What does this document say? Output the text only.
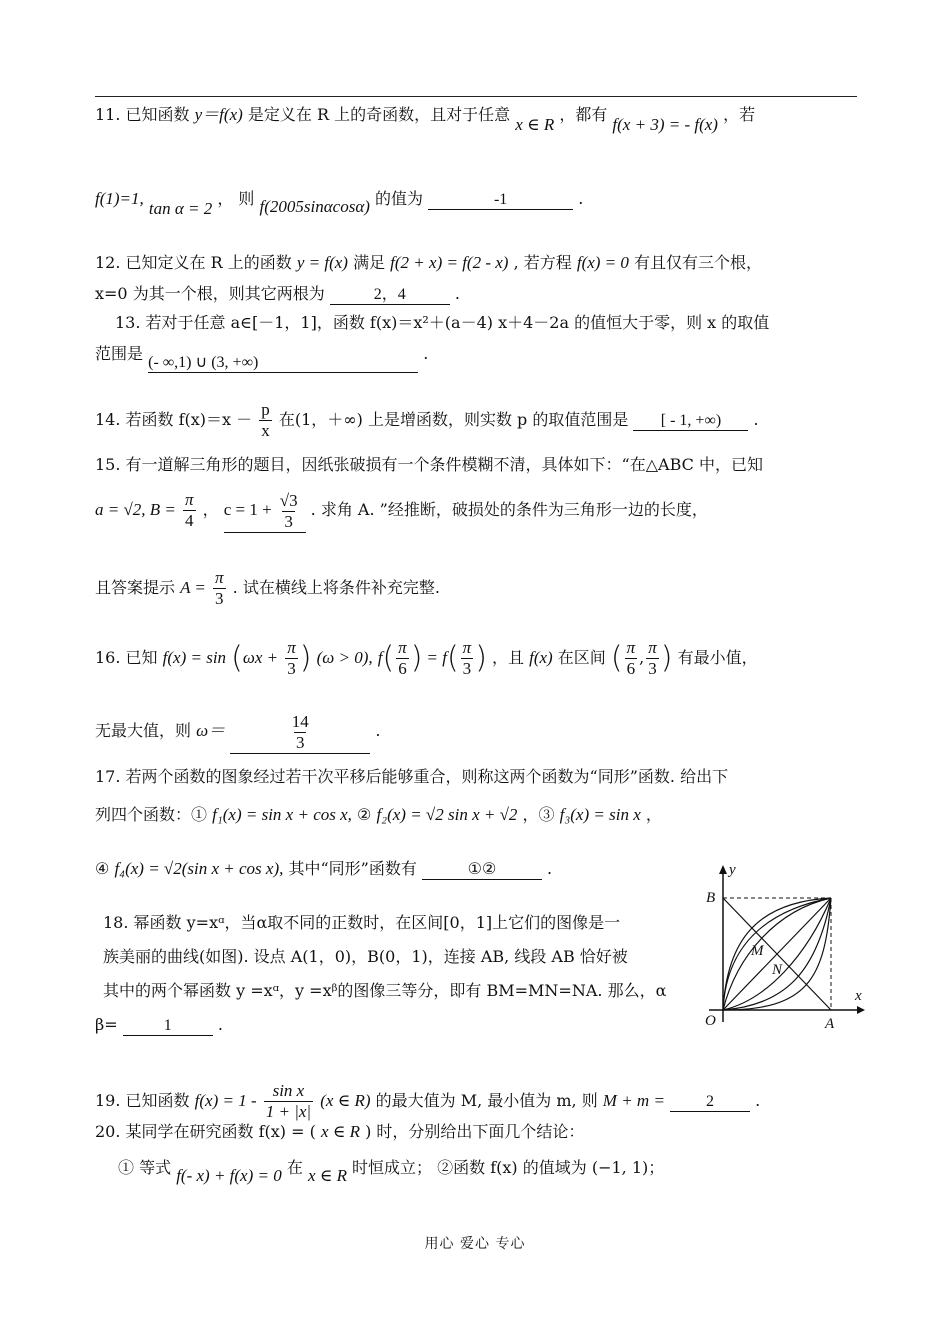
11. 已知函数 y＝f(x) 是定义在 R 上的奇函数，且对于任意 x ∈ R ，都有 f(x + 3) = - f(x) ，若
f(1)=1, tan α = 2 ， 则 f(2005sinαcosα) 的值为	-1	.
12. 已知定义在 R 上的函数 y = f(x) 满足 f(2 + x) = f(2 - x) , 若方程 f(x) = 0 有且仅有三个根，
x=0 为其一个根，则其它两根为	2，4	.
13. 若对于任意 a∈[－1，1]，函数 f(x)＝x²＋(a－4) x＋4－2a 的值恒大于零，则 x 的取值
范围是 (- ∞,1) ∪ (3, +∞)	.
14. 若函数 $f(x)=x - \frac{p}{x}$ 在(1，＋∞) 上是增函数，则实数 p 的取值范围是 [ - 1, +∞) .
15. 有一道解三角形的题目，因纸张破损有一个条件模糊不清，具体如下：“在△ABC 中，已知
a = √2, $B = \frac{\pi}{4}$ ， $c = 1 + \frac{√3}{3}$ . 求角 A. ”经推断，破损处的条件为三角形一边的长度，
且答案提示 $A = \frac{\pi}{3}$ . 试在横线上将条件补充完整.
16. 已知 $f(x) = \sin (\omega x + \frac{\pi}{3}$ ) (ω > 0), $f( \frac{\pi}{6}$ ) = $f( \frac{\pi}{3}$ ) ，且 f(x) 在区间 ( $\frac{\pi}{6}$ , $\frac{\pi}{3}$ ) 有最小值，
无最大值，则 ω＝	$\frac{14}{3}$	.
17. 若两个函数的图象经过若干次平移后能够重合，则称这两个函数为“同形”函数. 给出下
列四个函数：① f₁(x) = sin x + cos x, ② f₂(x) = √2 sin x + √2 ，③ f₃(x) = sin x ，
④ f₄(x) = √2(sin x + cos x), 其中“同形”函数有	①②	.
18. 幂函数 y=xᵅ，当α取不同的正数时，在区间[0，1]上它们的图像是一
族美丽的曲线(如图). 设点 A(1，0)，B(0，1)，连接 AB, 线段 AB 恰好被
其中的两个幂函数 y =xᵅ，y =xᵝ的图像三等分，即有 BM=MN=NA. 那么，α
β=	1	.
y
x
B
M
N
O	A
19. 已知函数 $f(x) = 1 - \frac{\text{sin x}}{1 + |x|} (x$ ∈ R) 的最大值为 M, 最小值为 m, 则 M + m =	2	.
20. 某同学在研究函数 f(x) = ( x ∈ R ) 时，分别给出下面几个结论：
① 等式 f(- x) + f(x) = 0 在 x ∈ R 时恒成立； ②函数 f(x) 的值域为 (−1, 1)；
用心 爱心 专心
